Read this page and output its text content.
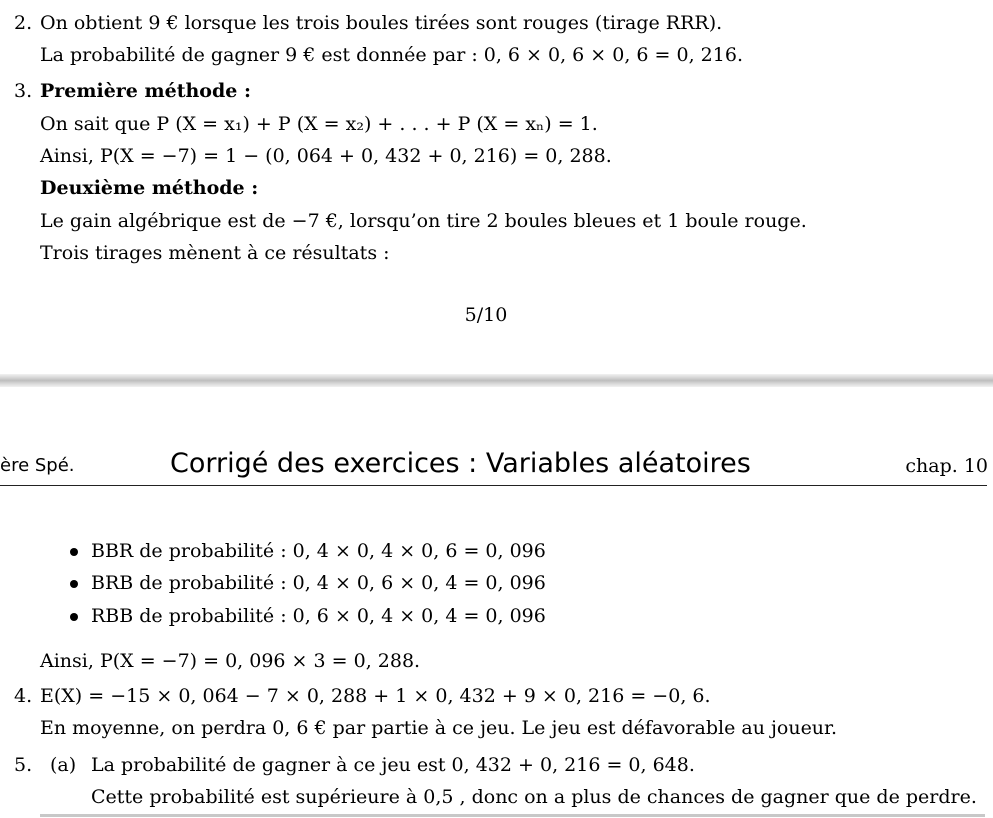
2. On obtient 9 € lorsque les trois boules tirées sont rouges (tirage RRR).
La probabilité de gagner 9 € est donnée par : 0, 6 × 0, 6 × 0, 6 = 0, 216.
3. Première méthode :
On sait que P (X = x₁) + P (X = x₂) + . . . + P (X = xₙ) = 1.
Ainsi, P(X = −7) = 1 − (0, 064 + 0, 432 + 0, 216) = 0, 288.
Deuxième méthode :
Le gain algébrique est de −7 €, lorsqu’on tire 2 boules bleues et 1 boule rouge.
Trois tirages mènent à ce résultats :
5/10
ère Spé.	Corrigé des exercices : Variables aléatoires	chap. 10
BBR de probabilité : 0, 4 × 0, 4 × 0, 6 = 0, 096
BRB de probabilité : 0, 4 × 0, 6 × 0, 4 = 0, 096
RBB de probabilité : 0, 6 × 0, 4 × 0, 4 = 0, 096
Ainsi, P(X = −7) = 0, 096 × 3 = 0, 288.
4. E(X) = −15 × 0, 064 − 7 × 0, 288 + 1 × 0, 432 + 9 × 0, 216 = −0, 6.
En moyenne, on perdra 0, 6 € par partie à ce jeu. Le jeu est défavorable au joueur.
5. (a) La probabilité de gagner à ce jeu est 0, 432 + 0, 216 = 0, 648.
Cette probabilité est supérieure à 0,5 , donc on a plus de chances de gagner que de perdre.
